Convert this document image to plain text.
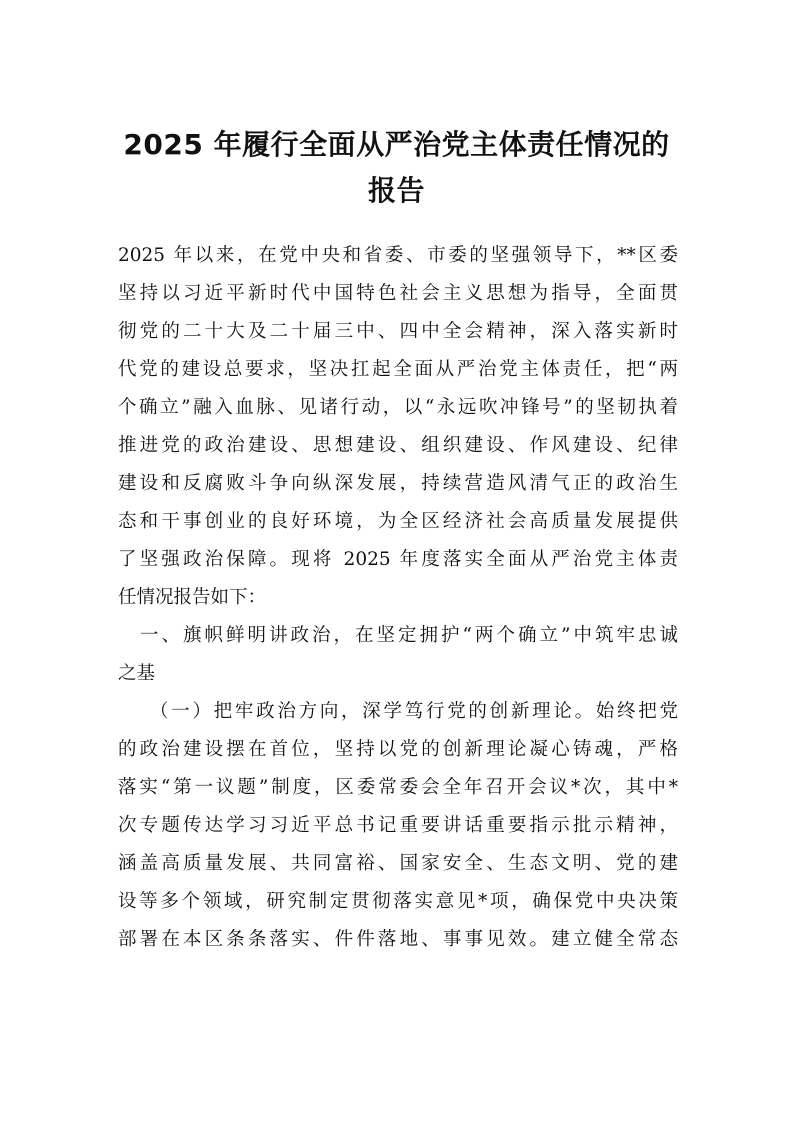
2025 年履行全面从严治党主体责任情况的
报告

2025 年以来，在党中央和省委、市委的坚强领导下，**区委

坚持以习近平新时代中国特色社会主义思想为指导，全面贯

彻党的二十大及二十届三中、四中全会精神，深入落实新时

代党的建设总要求，坚决扛起全面从严治党主体责任，把“两

个确立”融入血脉、见诸行动，以“永远吹冲锋号”的坚韧执着

推进党的政治建设、思想建设、组织建设、作风建设、纪律

建设和反腐败斗争向纵深发展，持续营造风清气正的政治生

态和干事创业的良好环境，为全区经济社会高质量发展提供

了坚强政治保障。现将 2025 年度落实全面从严治党主体责

任情况报告如下：

一、旗帜鲜明讲政治，在坚定拥护“两个确立”中筑牢忠诚

之基

（一）把牢政治方向，深学笃行党的创新理论。始终把党

的政治建设摆在首位，坚持以党的创新理论凝心铸魂，严格

落实“第一议题”制度，区委常委会全年召开会议*次，其中*

次专题传达学习习近平总书记重要讲话重要指示批示精神，

涵盖高质量发展、共同富裕、国家安全、生态文明、党的建

设等多个领域，研究制定贯彻落实意见*项，确保党中央决策

部署在本区条条落实、件件落地、事事见效。建立健全常态
